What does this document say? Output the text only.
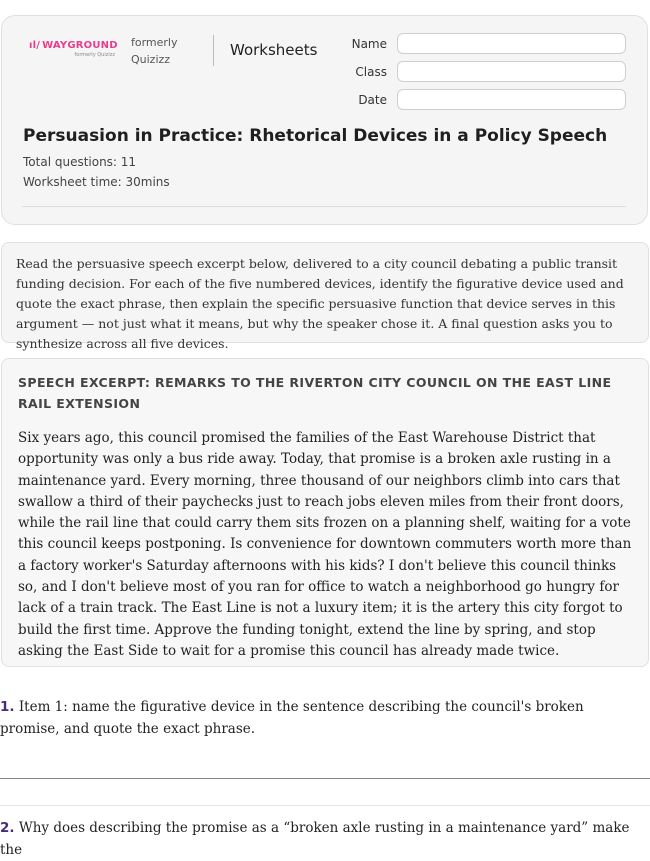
ıl/ WAYGROUND
formerly Quizizz
formerly
Quizizz
Worksheets	Name
Class
Date
Persuasion in Practice: Rhetorical Devices in a Policy Speech
Total questions: 11
Worksheet time: 30mins

Read the persuasive speech excerpt below, delivered to a city council debating a public transit funding decision. For each of the five numbered devices, identify the figurative device used and quote the exact phrase, then explain the specific persuasive function that device serves in this argument — not just what it means, but why the speaker chose it. A final question asks you to synthesize across all five devices.

SPEECH EXCERPT: REMARKS TO THE RIVERTON CITY COUNCIL ON THE EAST LINE RAIL EXTENSION

Six years ago, this council promised the families of the East Warehouse District that opportunity was only a bus ride away. Today, that promise is a broken axle rusting in a maintenance yard. Every morning, three thousand of our neighbors climb into cars that swallow a third of their paychecks just to reach jobs eleven miles from their front doors, while the rail line that could carry them sits frozen on a planning shelf, waiting for a vote this council keeps postponing. Is convenience for downtown commuters worth more than a factory worker's Saturday afternoons with his kids? I don't believe this council thinks so, and I don't believe most of you ran for office to watch a neighborhood go hungry for lack of a train track. The East Line is not a luxury item; it is the artery this city forgot to build the first time. Approve the funding tonight, extend the line by spring, and stop asking the East Side to wait for a promise this council has already made twice.

1. Item 1: name the figurative device in the sentence describing the council's broken promise, and quote the exact phrase.
2. Why does describing the promise as a “broken axle rusting in a maintenance yard” make the
